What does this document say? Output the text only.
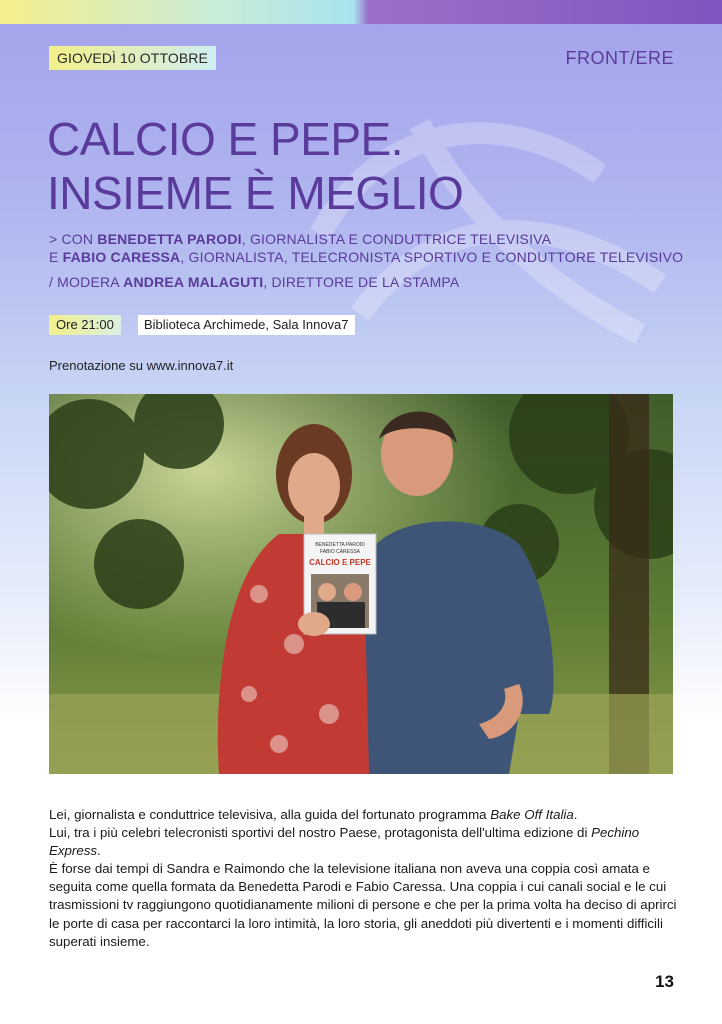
GIOVEDÌ 10 OTTOBRE	FRONT/ERE
CALCIO E PEPE.
INSIEME È MEGLIO
> CON BENEDETTA PARODI, GIORNALISTA E CONDUTTRICE TELEVISIVA
E FABIO CARESSA, GIORNALISTA, TELECRONISTA SPORTIVO E CONDUTTORE TELEVISIVO
/ MODERA ANDREA MALAGUTI, DIRETTORE DE LA STAMPA
Ore 21:00	Biblioteca Archimede, Sala Innova7
Prenotazione su www.innova7.it
BENEDETTA PARODI
FABIO CARESSA
CALCIO E PEPE

Lei, giornalista e conduttrice televisiva, alla guida del fortunato programma Bake Off Italia.

Lui, tra i più celebri telecronisti sportivi del nostro Paese, protagonista dell'ultima edizione di Pechino Express.

È forse dai tempi di Sandra e Raimondo che la televisione italiana non aveva una coppia così amata e seguita come quella formata da Benedetta Parodi e Fabio Caressa. Una coppia i cui canali social e le cui trasmissioni tv raggiungono quotidianamente milioni di persone e che per la prima volta ha deciso di aprirci le porte di casa per raccontarci la loro intimità, la loro storia, gli aneddoti più divertenti e i momenti difficili superati insieme.

13
